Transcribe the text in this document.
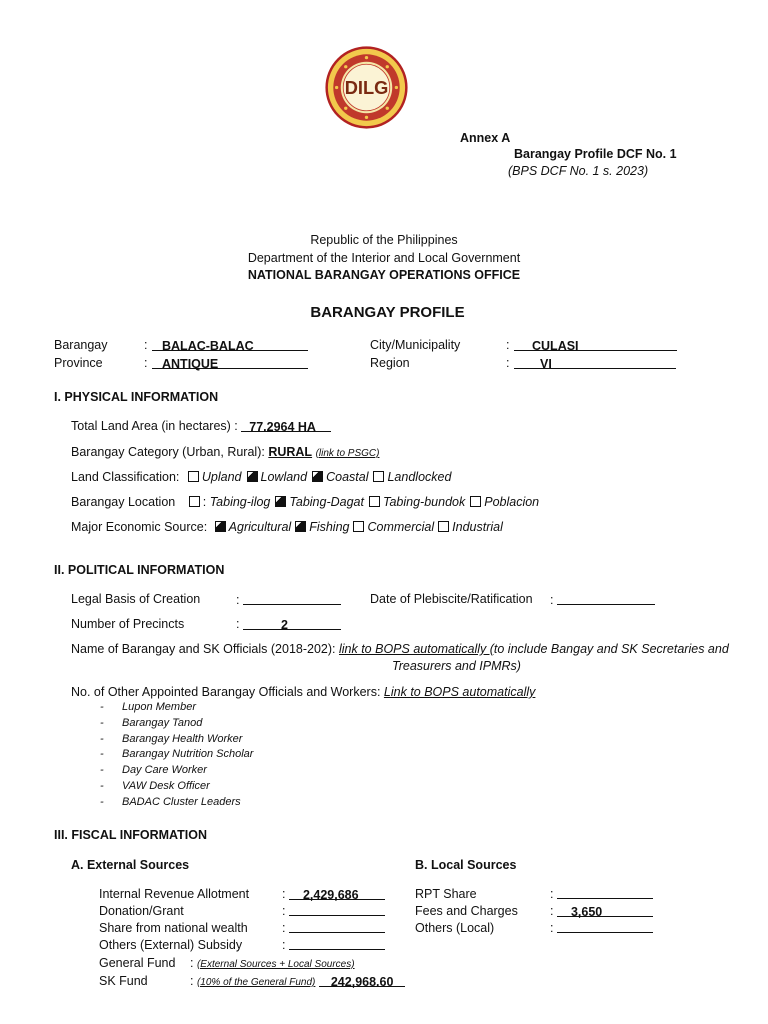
DILG
Annex A
Barangay Profile DCF No. 1
(BPS DCF No. 1 s. 2023)
Republic of the Philippines
Department of the Interior and Local Government
NATIONAL BARANGAY OPERATIONS OFFICE
BARANGAY PROFILE
Barangay	:	BALAC-BALAC
Province	:	ANTIQUE
City/Municipality	:	CULASI
Region	:	VI
I. PHYSICAL INFORMATION
Total Land Area (in hectares) : 77.2964 HA
Barangay Category (Urban, Rural): RURAL (link to PSGC)
Land Classification: Upland Lowland Coastal Landlocked
Barangay Location : Tabing-ilog Tabing-Dagat Tabing-bundok Poblacion
Major Economic Source: Agricultural Fishing Commercial Industrial
II. POLITICAL INFORMATION
Legal Basis of Creation	:	Date of Plebiscite/Ratification :
Number of Precincts	:	2
Name of Barangay and SK Officials (2018-202): link to BOPS automatically (to include Bangay and SK Secretaries and
Treasurers and IPMRs)
No. of Other Appointed Barangay Officials and Workers: Link to BOPS automatically
- Lupon Member
- Barangay Tanod
- Barangay Health Worker
- Barangay Nutrition Scholar
- Day Care Worker
- VAW Desk Officer
- BADAC Cluster Leaders
III. FISCAL INFORMATION
A. External Sources	B. Local Sources
Internal Revenue Allotment	: 2,429,686
Donation/Grant	:
Share from national wealth	:
Others (External) Subsidy	:
RPT Share	:
Fees and Charges	: 3,650
Others (Local)	:
General Fund : (External Sources + Local Sources)
SK Fund	: (10% of the General Fund) 242,968.60
